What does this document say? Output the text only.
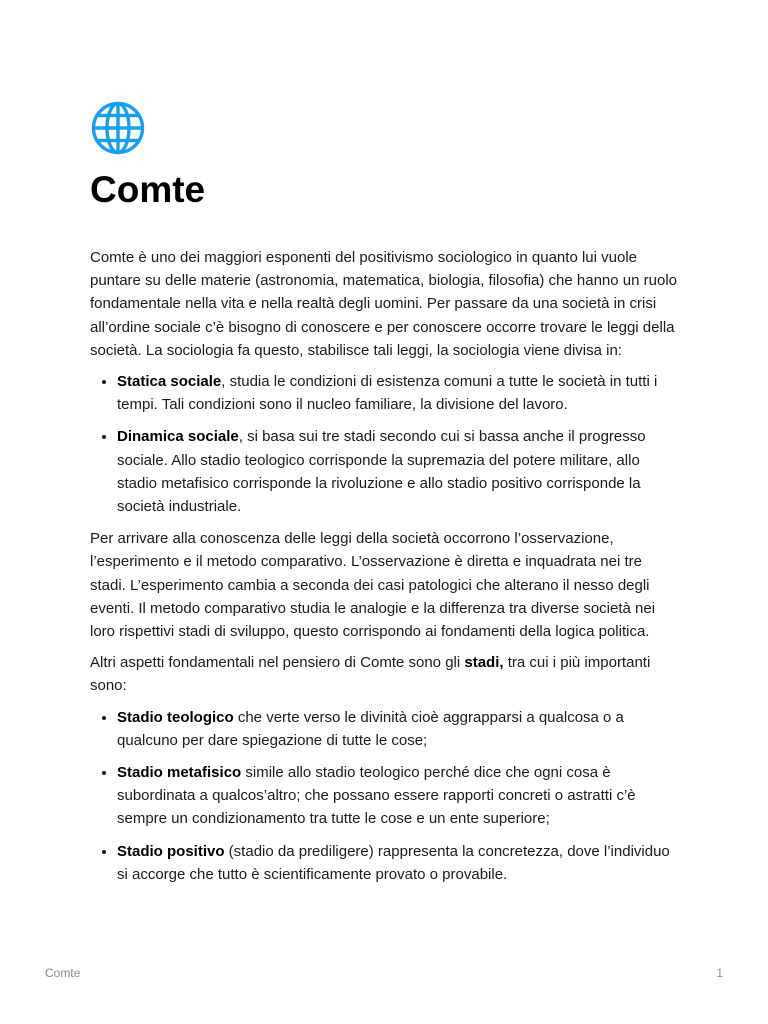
Comte

Comte è uno dei maggiori esponenti del positivismo sociologico in quanto lui vuole puntare su delle materie (astronomia, matematica, biologia, filosofia) che hanno un ruolo fondamentale nella vita e nella realtà degli uomini. Per passare da una società in crisi all’ordine sociale c’è bisogno di conoscere e per conoscere occorre trovare le leggi della società. La sociologia fa questo, stabilisce tali leggi, la sociologia viene divisa in:

• Statica sociale, studia le condizioni di esistenza comuni a tutte le società in tutti i tempi. Tali condizioni sono il nucleo familiare, la divisione del lavoro.
• Dinamica sociale, si basa sui tre stadi secondo cui si bassa anche il progresso sociale. Allo stadio teologico corrisponde la supremazia del potere militare, allo stadio metafisico corrisponde la rivoluzione e allo stadio positivo corrisponde la società industriale.

Per arrivare alla conoscenza delle leggi della società occorrono l’osservazione, l’esperimento e il metodo comparativo. L’osservazione è diretta e inquadrata nei tre stadi. L’esperimento cambia a seconda dei casi patologici che alterano il nesso degli eventi. Il metodo comparativo studia le analogie e la differenza tra diverse società nei loro rispettivi stadi di sviluppo, questo corrispondo ai fondamenti della logica politica.

Altri aspetti fondamentali nel pensiero di Comte sono gli stadi, tra cui i più importanti sono:

• Stadio teologico che verte verso le divinità cioè aggrapparsi a qualcosa o a qualcuno per dare spiegazione di tutte le cose;
• Stadio metafisico simile allo stadio teologico perché dice che ogni cosa è subordinata a qualcos’altro; che possano essere rapporti concreti o astratti c’è sempre un condizionamento tra tutte le cose e un ente superiore;
• Stadio positivo (stadio da prediligere) rappresenta la concretezza, dove l’individuo si accorge che tutto è scientificamente provato o provabile.
Comte	1
